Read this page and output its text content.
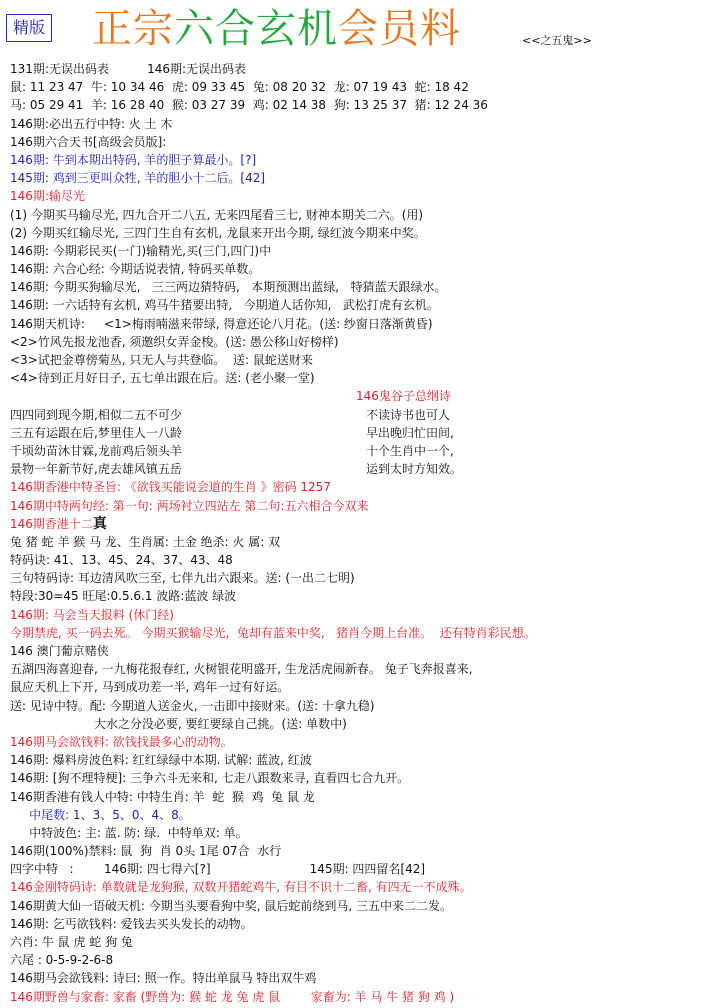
精版 正宗六合玄机会员料	<<之五鬼>>
131期:无误出码表          146期:无误出码表
鼠: 11 23 47  牛: 10 34 46  虎: 09 33 45  兔: 08 20 32  龙: 07 19 43  蛇: 18 42
马: 05 29 41  羊: 16 28 40  猴: 03 27 39  鸡: 02 14 38  狗: 13 25 37  猪: 12 24 36
146期:必出五行中特: 火 土 木
146期六合天书[高级会员版]:
146期: 牛到本期出特码, 羊的胆子算最小。[?]
145期: 鸡到三更叫众牲, 羊的胆小十二后。[42]
146期:输尽光
(1) 今期买马输尽光, 四九合开二八五, 无来四尾看三七, 财神本期关二六。(用)
(2) 今期买红输尽光, 三四门生自有玄机, 龙鼠来开出今期, 绿红波今期来中奖。
146期: 今期彩民买(一门)输精光,买(三门,四门)中
146期: 六合心经: 今期话说表情, 特码买单数。
146期: 今期买狗输尽光,   三三两边猜特码,   本期预测出蓝绿,   特猜蓝天跟绿水。
146期: 一六话特有玄机, 鸡马牛猪要出特,   今期道人话你知,   武松打虎有玄机。
146期天机诗:     <1>梅雨喃滋来带绿, 得意还论八月花。(送: 纱窗日落渐黄昏)
<2>竹风先报龙池香, 须邀织女弄金梭。(送: 愚公移山好榜样)
<3>试把金尊傍菊丛, 只无人与共登临。  送: 鼠蛇送财来
<4>待到正月好日子, 五七单出跟在后。送: (老小聚一堂)

146鬼谷子总纲诗

四四同到现今期,相似二五不可少	不读诗书也可人
三五有运跟在后,梦里佳人一八龄	早出晚归忙田间,
千顷幼苗沐甘霖,龙前鸡后领头羊	十个生肖中一个,
景物一年新节好,虎去雄风镇五岳	运到太时方知效。
146期香港中特圣旨: 《欲钱买能说会道的生肖 》密码 1257
146期中特两句经: 第一句: 两场衬立四站左 第二句:五六相合今双来
146期香港十二真
兔 猪 蛇 羊 猴 马 龙、生肖属: 土金 绝杀: 火 属: 双
特码诀: 41、13、45、24、37、43、48
三句特码诗: 耳边清风吹三至, 七伴九出六跟来。送: (一出二七明)
特段:30=45 旺尾:0.5.6.1 波路:蓝波 绿波
146期: 马会当天报料 (休门经)
今期禁虎, 买一码去死。 今期买猴输尽光,  兔却有蓝来中奖,   猪肖今期上台准。  还有特肖彩民想。
146 澳门葡京赌侠
五湖四海喜迎春, 一九梅花报春红, 火树银花明盛开, 生龙活虎闹新春。 兔子飞奔报喜来,
鼠应天机上下开, 马到成功差一半, 鸡年一过有好运。
送: 见诗中特。配: 今期道人送金火, 一击即中接财来。(送: 十拿九稳)
大水之分没必要, 要红要绿自己挑。(送: 单数中)
146期马会欲钱料: 欲钱找最多心的动物。
146期: 爆料房波色料: 红红绿绿中本期. 试解: 蓝波, 红波
146期: [狗不理特梗]: 三争六斗无来和, 七走八跟数来寻, 直看四七合九开。
146期香港有钱人中特: 中特生肖: 羊  蛇  猴  鸡  兔 鼠 龙
中尾数: 1、3、5、0、4、8。
中特波色: 主: 蓝. 防: 绿.  中特单双: 单。
146期(100%)禁料: 鼠  狗  肖 0头 1尾 07合  水行
四字中特   :        146期: 四七得六[?]                          145期: 四四留名[42]
146金刚特码诗: 单数就是龙狗猴, 双数开猪蛇鸡牛, 有目不识十二畜, 有四无一不成殊。
146期黄大仙一语破天机: 今期当头要看狗中奖, 鼠后蛇前绕到马, 三五中来二二发。
146期: 乞丐欲钱料: 爱钱去买头发长的动物。
六肖: 牛 鼠 虎 蛇 狗 兔
六尾 : 0-5-9-2-6-8
146期马会欲钱料: 诗曰: 照一作。特出单鼠马 特出双牛鸡
146期野兽与家畜: 家畜 (野兽为: 猴 蛇 龙 兔 虎 鼠        家畜为: 羊 马 牛 猪 狗 鸡 )
